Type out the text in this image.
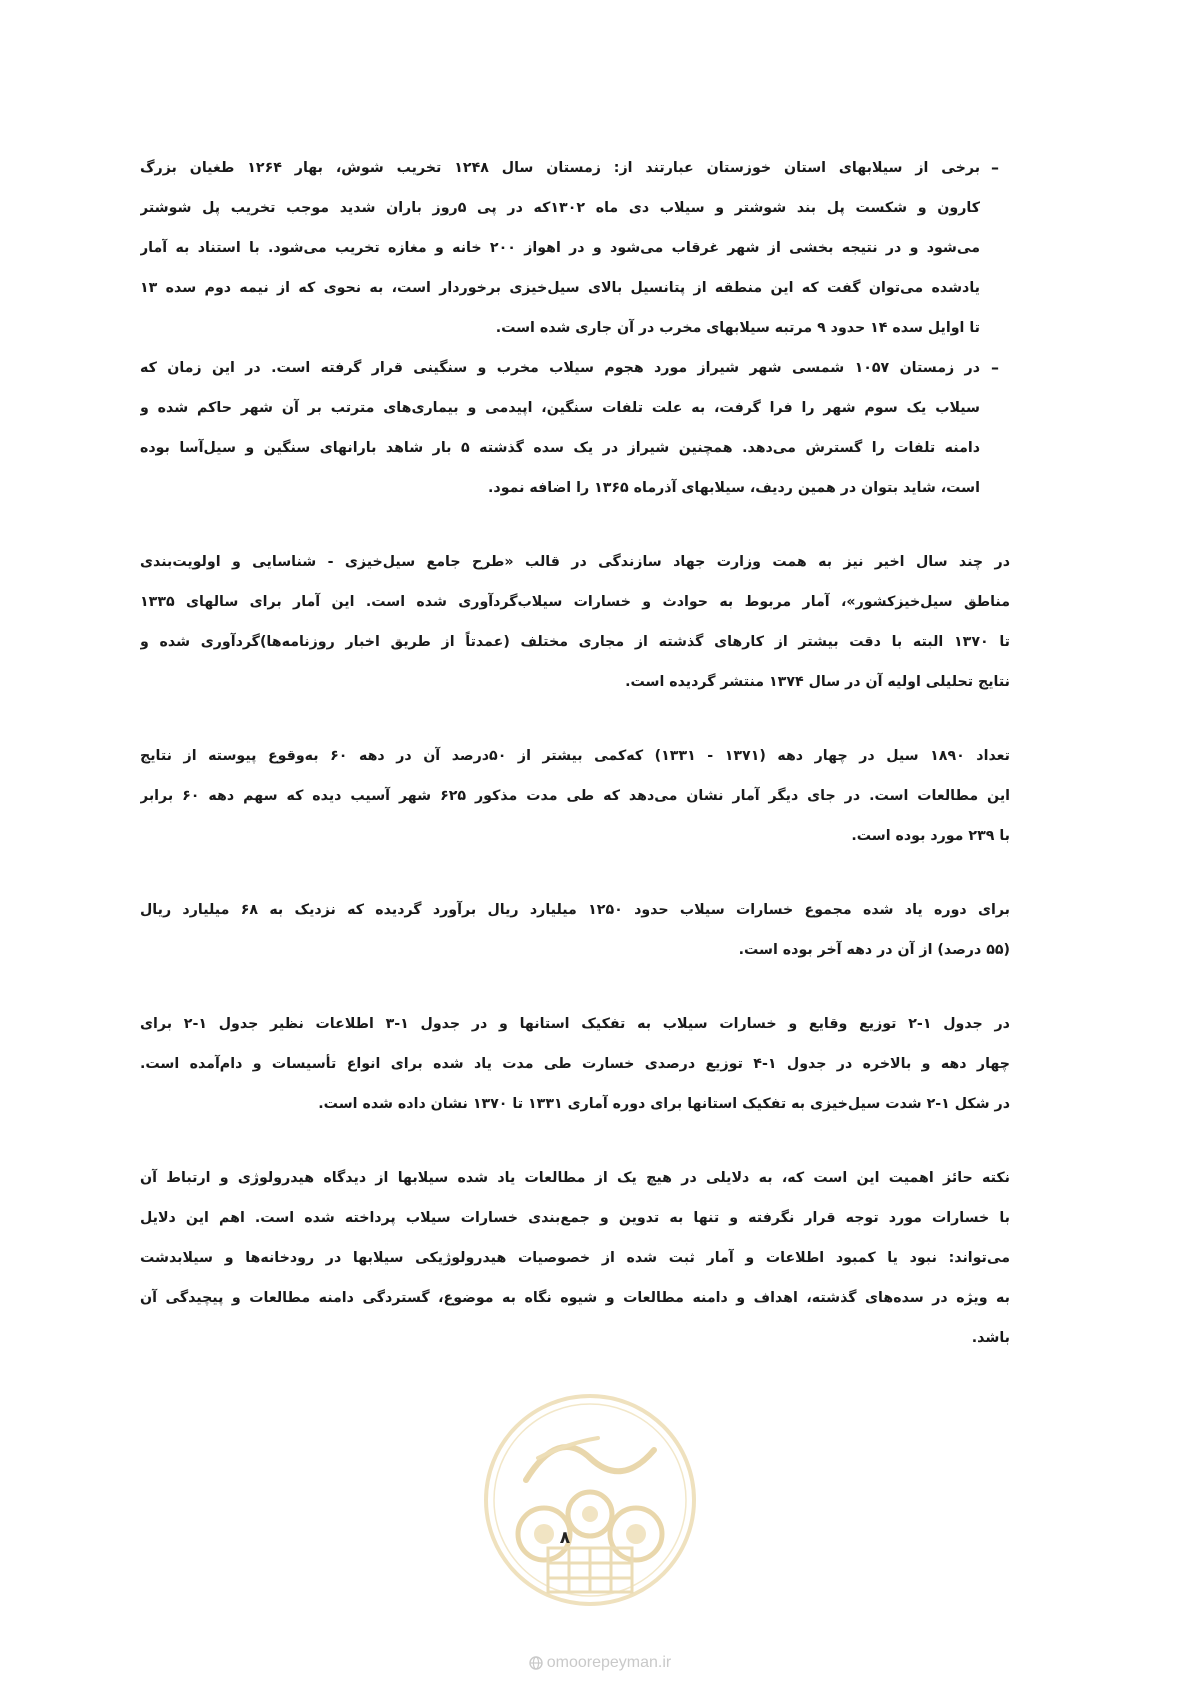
–
برخی از سیلابهای استان خوزستان عبارتند از: زمستان سال ۱۲۴۸ تخریب شوش، بهار ۱۲۶۴ طغیان بزرگ
کارون و شکست پل بند شوشتر و سیلاب دی ماه ۱۳۰۲که در پی ۵روز باران شدید موجب تخریب پل شوشتر
می‌شود و در نتیجه بخشی از شهر غرقاب می‌شود و در اهواز ۲۰۰ خانه و مغازه تخریب می‌شود. با استناد به آمار
یادشده می‌توان گفت که این منطقه از پتانسیل بالای سیل‌خیزی برخوردار است، به نحوی که از نیمه دوم سده ۱۳
تا اوایل سده ۱۴ حدود ۹ مرتبه سیلابهای مخرب در آن جاری شده است.
–
در زمستان ۱۰۵۷ شمسی شهر شیراز مورد هجوم سیلاب مخرب و سنگینی قرار گرفته است. در این زمان که
سیلاب یک سوم شهر را فرا گرفت، به علت تلفات سنگین، اپیدمی و بیماری‌های مترتب بر آن شهر حاکم شده و
دامنه تلفات را گسترش می‌دهد. همچنین شیراز در یک سده گذشته ۵ بار شاهد بارانهای سنگین و سیل‌آسا بوده
است، شاید بتوان در همین ردیف، سیلابهای آذرماه ۱۳۶۵ را اضافه نمود.
در چند سال اخیر نیز به همت وزارت جهاد سازندگی در قالب «طرح جامع سیل‌خیزی - شناسایی و اولویت‌بندی
مناطق سیل‌خیزکشور»، آمار مربوط به حوادث و خسارات سیلاب‌گردآوری شده است. این آمار برای سالهای ۱۳۳۵
تا ۱۳۷۰ البته با دقت بیشتر از کارهای گذشته از مجاری مختلف (عمدتاً از طریق اخبار روزنامه‌ها)گردآوری شده و
نتایج تحلیلی اولیه آن در سال ۱۳۷۴ منتشر گردیده است.
تعداد ۱۸۹۰ سیل در چهار دهه (۱۳۷۱ - ۱۳۳۱) که‌کمی بیشتر از ۵۰درصد آن در دهه ۶۰ به‌وقوع پیوسته از نتایج
این مطالعات است. در جای دیگر آمار نشان می‌دهد که طی مدت مذکور ۶۲۵ شهر آسیب دیده که سهم دهه ۶۰ برابر
با ۲۳۹ مورد بوده است.
برای دوره یاد شده مجموع خسارات سیلاب حدود ۱۲۵۰ میلیارد ریال برآورد گردیده که نزدیک به ۶۸ میلیارد ریال
(۵۵ درصد) از آن در دهه آخر بوده است.
در جدول ۱-۲ توزیع وقایع و خسارات سیلاب به تفکیک استانها و در جدول ۱-۳ اطلاعات نظیر جدول ۱-۲ برای
چهار دهه و بالاخره در جدول ۱-۴ توزیع درصدی خسارت طی مدت یاد شده برای انواع تأسیسات و دام‌آمده است.
در شکل ۱-۲ شدت سیل‌خیزی به تفکیک استانها برای دوره آماری ۱۳۳۱ تا ۱۳۷۰ نشان داده شده است.
نکته حائز اهمیت این است که، به دلایلی در هیچ یک از مطالعات یاد شده سیلابها از دیدگاه هیدرولوژی و ارتباط آن
با خسارات مورد توجه قرار نگرفته و تنها به تدوین و جمع‌بندی خسارات سیلاب پرداخته شده است. اهم این دلایل
می‌تواند: نبود یا کمبود اطلاعات و آمار ثبت شده از خصوصیات هیدرولوژیکی سیلابها در رودخانه‌ها و سیلابدشت
به ویژه در سده‌های گذشته، اهداف و دامنه مطالعات و شیوه نگاه به موضوع، گستردگی دامنه مطالعات و پیچیدگی آن
باشد.
۸
omoorepeyman.ir
